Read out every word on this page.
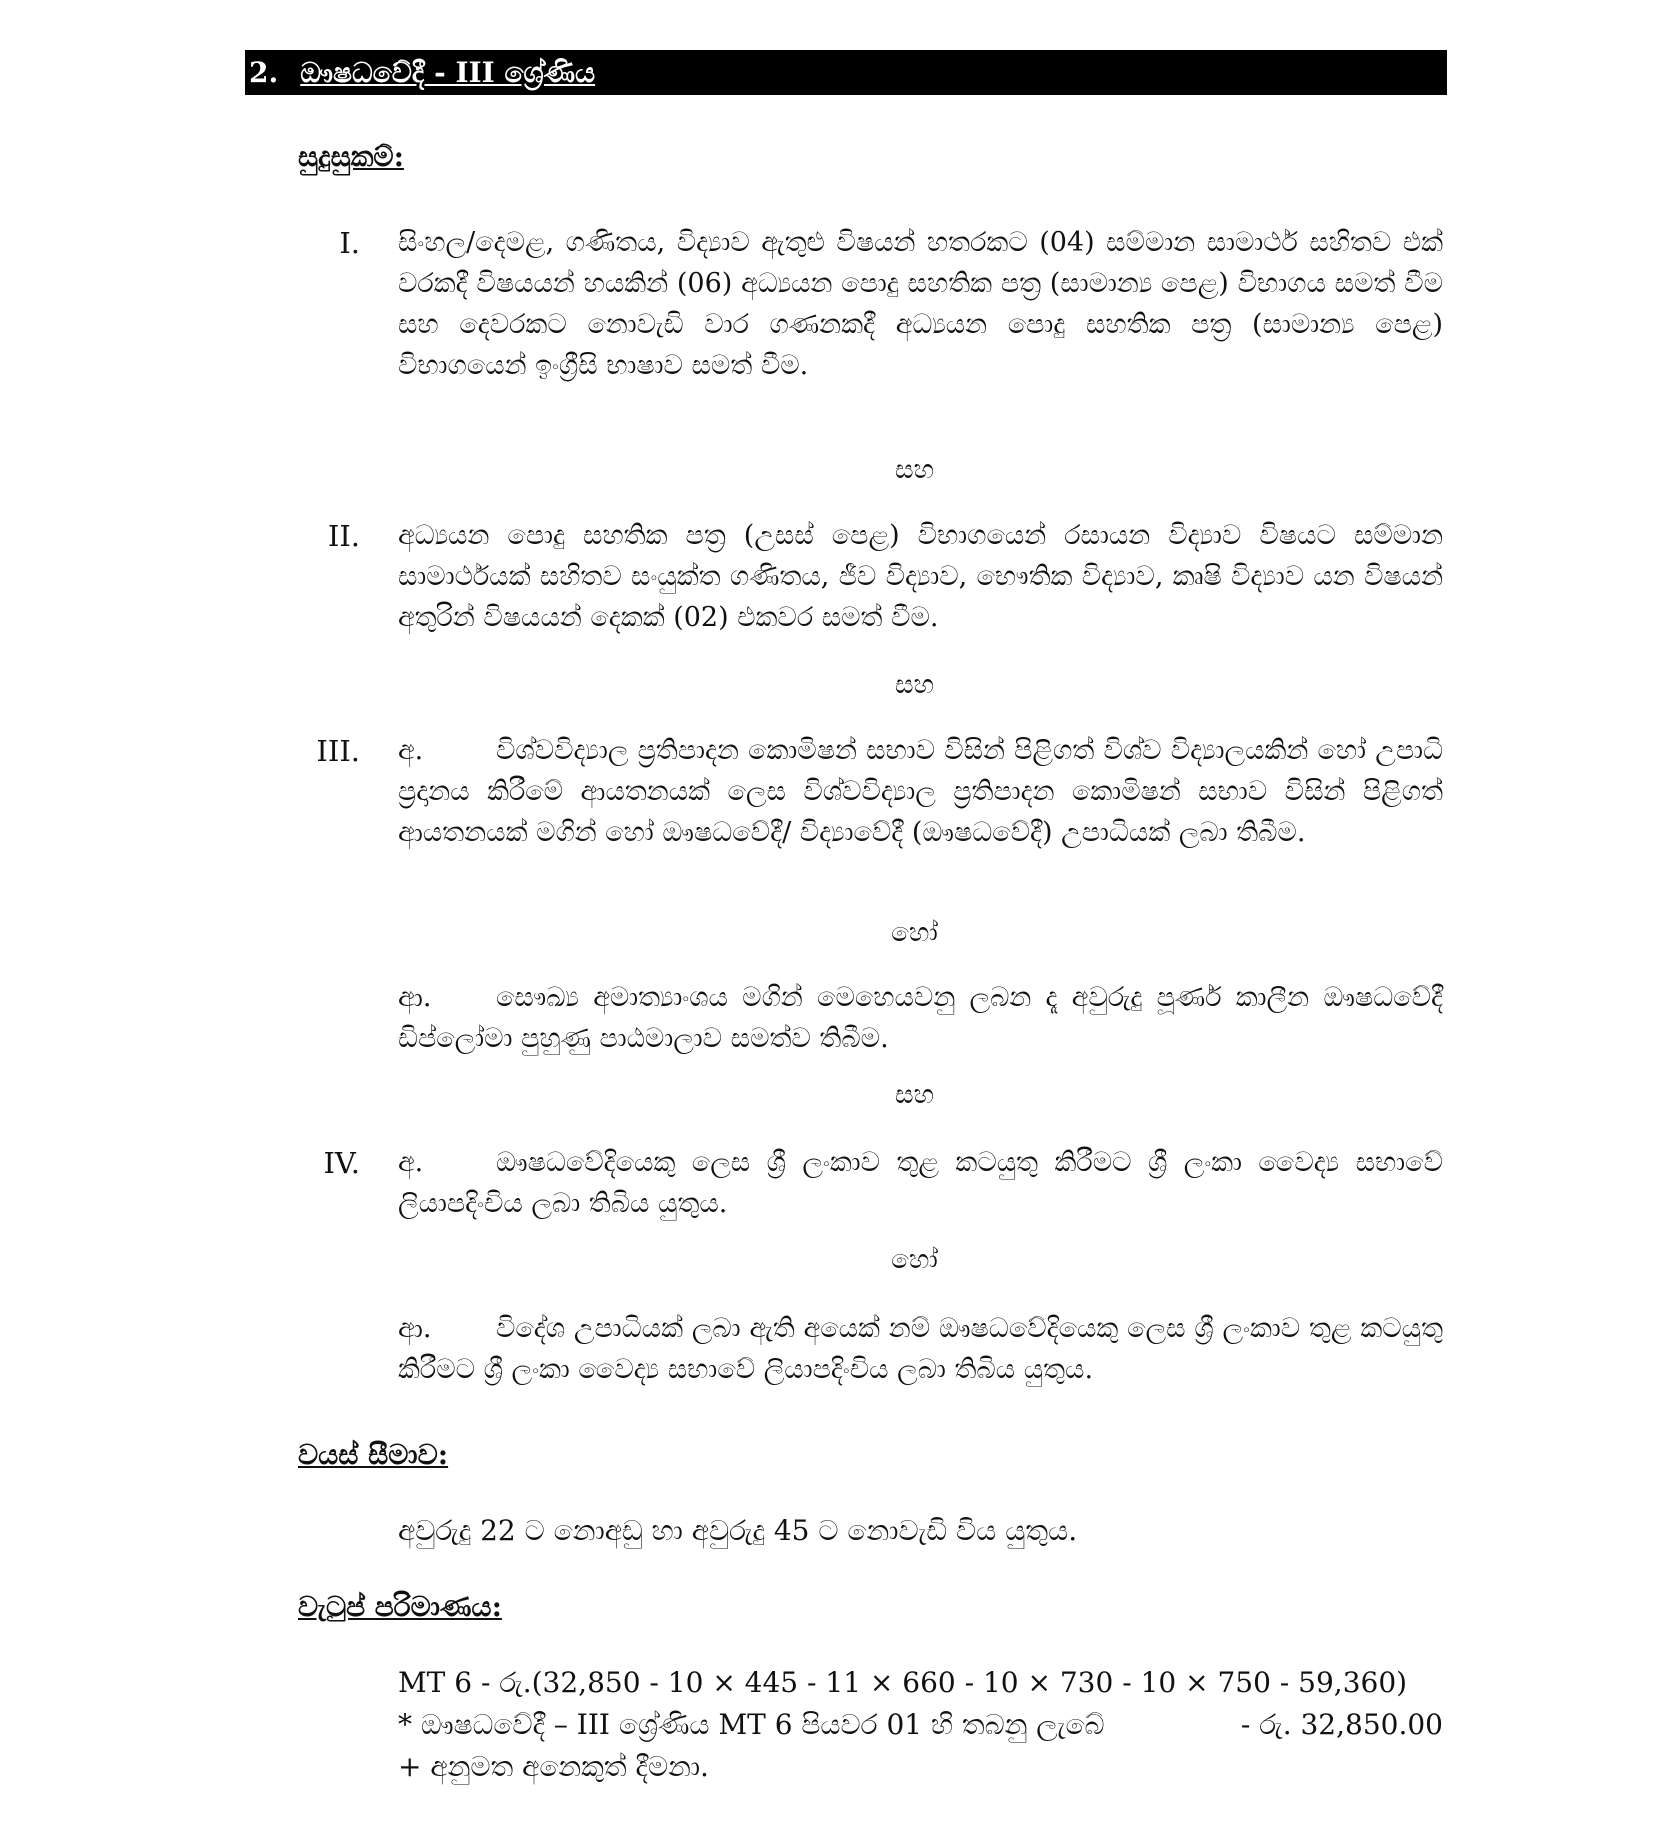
2. ඖෂධවේදී - III ශ්‍රේණිය
සුදුසුකම්:
I. සිංහල/දෙමළ, ගණිතය, විද්‍යාව ඇතුළු විෂයන් හතරකට (04) සම්මාන සාමාර්ථ සහිතව එක් වරකදී විෂයයන් හයකින් (06) අධ්‍යයන පොදු සහතික පත්‍ර (සාමාන්‍ය පෙළ) විභාගය සමත් වීම සහ දෙවරකට නොවැඩි වාර ගණනකදී අධ්‍යයන පොදු සහතික පත්‍ර (සාමාන්‍ය පෙළ) විභාගයෙන් ඉංග්‍රීසි භාෂාව සමත් වීම.
සහ
II. අධ්‍යයන පොදු සහතික පත්‍ර (උසස් පෙළ) විභාගයෙන් රසායන විද්‍යාව විෂයට සම්මාන සාමාර්ථයක් සහිතව සංයුක්ත ගණිතය, ජීව විද්‍යාව, භෞතික විද්‍යාව, කෘෂි විද්‍යාව යන විෂයන් අතුරින් විෂයයන් දෙකක් (02) එකවර සමත් වීම.
සහ
III. අ.	විශ්වවිද්‍යාල ප්‍රතිපාදන කොමිෂන් සභාව විසින් පිළිගත් විශ්ව විද්‍යාලයකින් හෝ උපාධි ප්‍රදානය කිරීමේ ආයතනයක් ලෙස විශ්වවිද්‍යාල ප්‍රතිපාදන කොමිෂන් සභාව විසින් පිළිගත් ආයතනයක් මගින් හෝ ඖෂධවේදී/ විද්‍යාවේදී (ඖෂධවේදී) උපාධියක් ලබා තිබීම.
හෝ
ආ. සෞඛ්‍ය අමාත්‍යාංශය මගින් මෙහෙයවනු ලබන දෑ අවුරුදු පූර්ණ කාලීන ඖෂධවේදී ඩිප්ලෝමා පුහුණු පාඨමාලාව සමත්ව තිබීම.
සහ
IV. අ.	ඖෂධවේදියෙකු ලෙස ශ්‍රී ලංකාව තුළ කටයුතු කිරීමට ශ්‍රී ලංකා වෛද්‍ය සභාවේ ලියාපදිංචිය ලබා තිබිය යුතුය.
හෝ
ආ. විදේශ උපාධියක් ලබා ඇති අයෙක් නම් ඖෂධවේදියෙකු ලෙස ශ්‍රී ලංකාව තුළ කටයුතු කිරීමට ශ්‍රී ලංකා වෛද්‍ය සභාවේ ලියාපදිංචිය ලබා තිබිය යුතුය.
වයස් සීමාව:
අවුරුදු 22 ට නොඅඩු හා අවුරුදු 45 ට නොවැඩි විය යුතුය.
වැටුප් පරිමාණය:
MT 6 - රු.(32,850 - 10 × 445 - 11 × 660 - 10 × 730 - 10 × 750 - 59,360)
* ඖෂධවේදී – III ශ්‍රේණිය MT 6 පියවර 01 හි තබනු ලැබේ	- රු. 32,850.00
+ අනුමත අනෙකුත් දීමනා.
